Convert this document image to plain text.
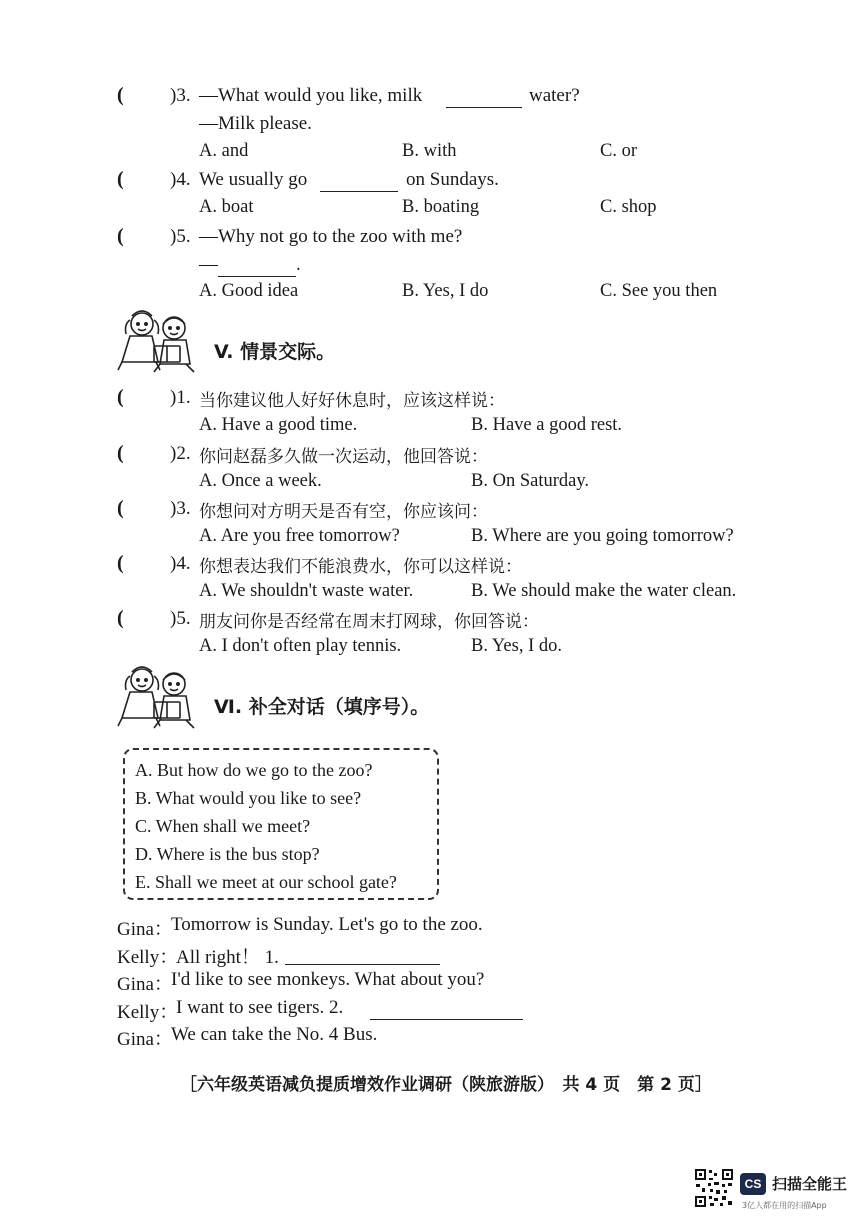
( )3. —What would you like, milk	water?
—Milk please.
A. and	B. with	C. or
( )4. We usually go	on Sundays.
A. boat	B. boating	C. shop
( )5. —Why not go to the zoo with me?
—	.
A. Good idea	B. Yes, I do	C. See you then
V. 情景交际。
( )1. 当你建议他人好好休息时，应该这样说：
A. Have a good time.	B. Have a good rest.
( )2. 你问赵磊多久做一次运动，他回答说：
A. Once a week.	B. On Saturday.
( )3. 你想问对方明天是否有空，你应该问：
A. Are you free tomorrow?	B. Where are you going tomorrow?
( )4. 你想表达我们不能浪费水，你可以这样说：
A. We shouldn't waste water.	B. We should make the water clean.
( )5. 朋友问你是否经常在周末打网球，你回答说：
A. I don't often play tennis.	B. Yes, I do.
Ⅵ. 补全对话（填序号）。
A. But how do we go to the zoo?
B. What would you like to see?
C. When shall we meet?
D. Where is the bus stop?
E. Shall we meet at our school gate?
Gina：
Tomorrow is Sunday. Let's go to the zoo.
Kelly：
All right！ 1.
Gina：
I'd like to see monkeys. What about you?
Kelly：
I want to see tigers. 2.
Gina：
We can take the No. 4 Bus.
［六年级英语减负提质增效作业调研（陕旅游版）　共 4 页　第 2 页］
CS 扫描全能王
3亿人都在用的扫描App
